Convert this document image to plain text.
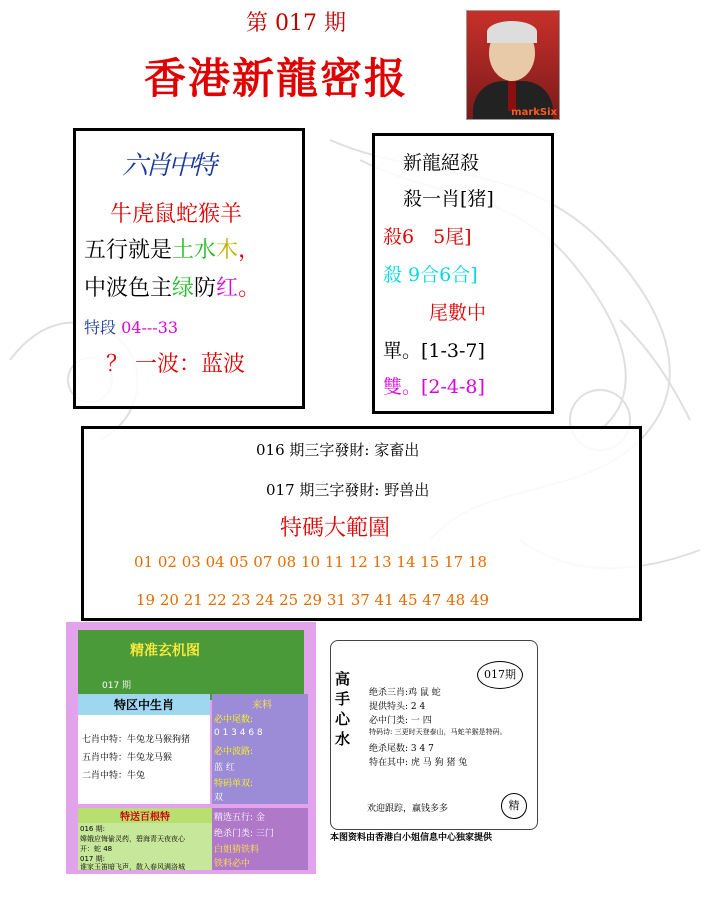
第 017 期
香港新龍密报
markSix
六肖中特
牛虎鼠蛇猴羊
五行就是土水木，
中波色主绿防红。
特段 04---33
？ 一波：蓝波
新龍絕殺
殺一肖[猪]
殺6　5尾]
殺 9合6合]
尾數中
單。[1-3-7]
雙。[2-4-8]
016 期三字發財: 家畜出
017 期三字發財: 野兽出
特碼大範圍
01 02 03 04 05 07 08 10 11 12 13 14 15 17 18
19 20 21 22 23 24 25 29 31 37 41 45 47 48 49
精准玄机图
017 期
特区中生肖
七肖中特：牛兔龙马猴狗猪
五肖中特：牛兔龙马猴
二肖中特：牛兔
来料
必中尾数:
0 1 3 4 6 8
必中波路:
蓝 红
特码单双:
双
特送百根特
016 期:
嫦娥应悔偷灵药，碧海青天夜夜心
开：蛇 48
017 期:
谁家玉笛暗飞声，散入春风满洛城
精选五行: 金
绝杀门类: 三门
白姐猜铁料
铁料必中
高手心水
017期
绝杀三肖:鸡 鼠 蛇
提供特头: 2 4
必中门类: 一 四
特码诗: 三更时天登泰山，马蛇羊猴是特码。
绝杀尾数: 3 4 7
特在其中: 虎 马 狗 猪 兔
欢迎跟踪，赢钱多多	精
本图资料由香港白小姐信息中心独家提供
